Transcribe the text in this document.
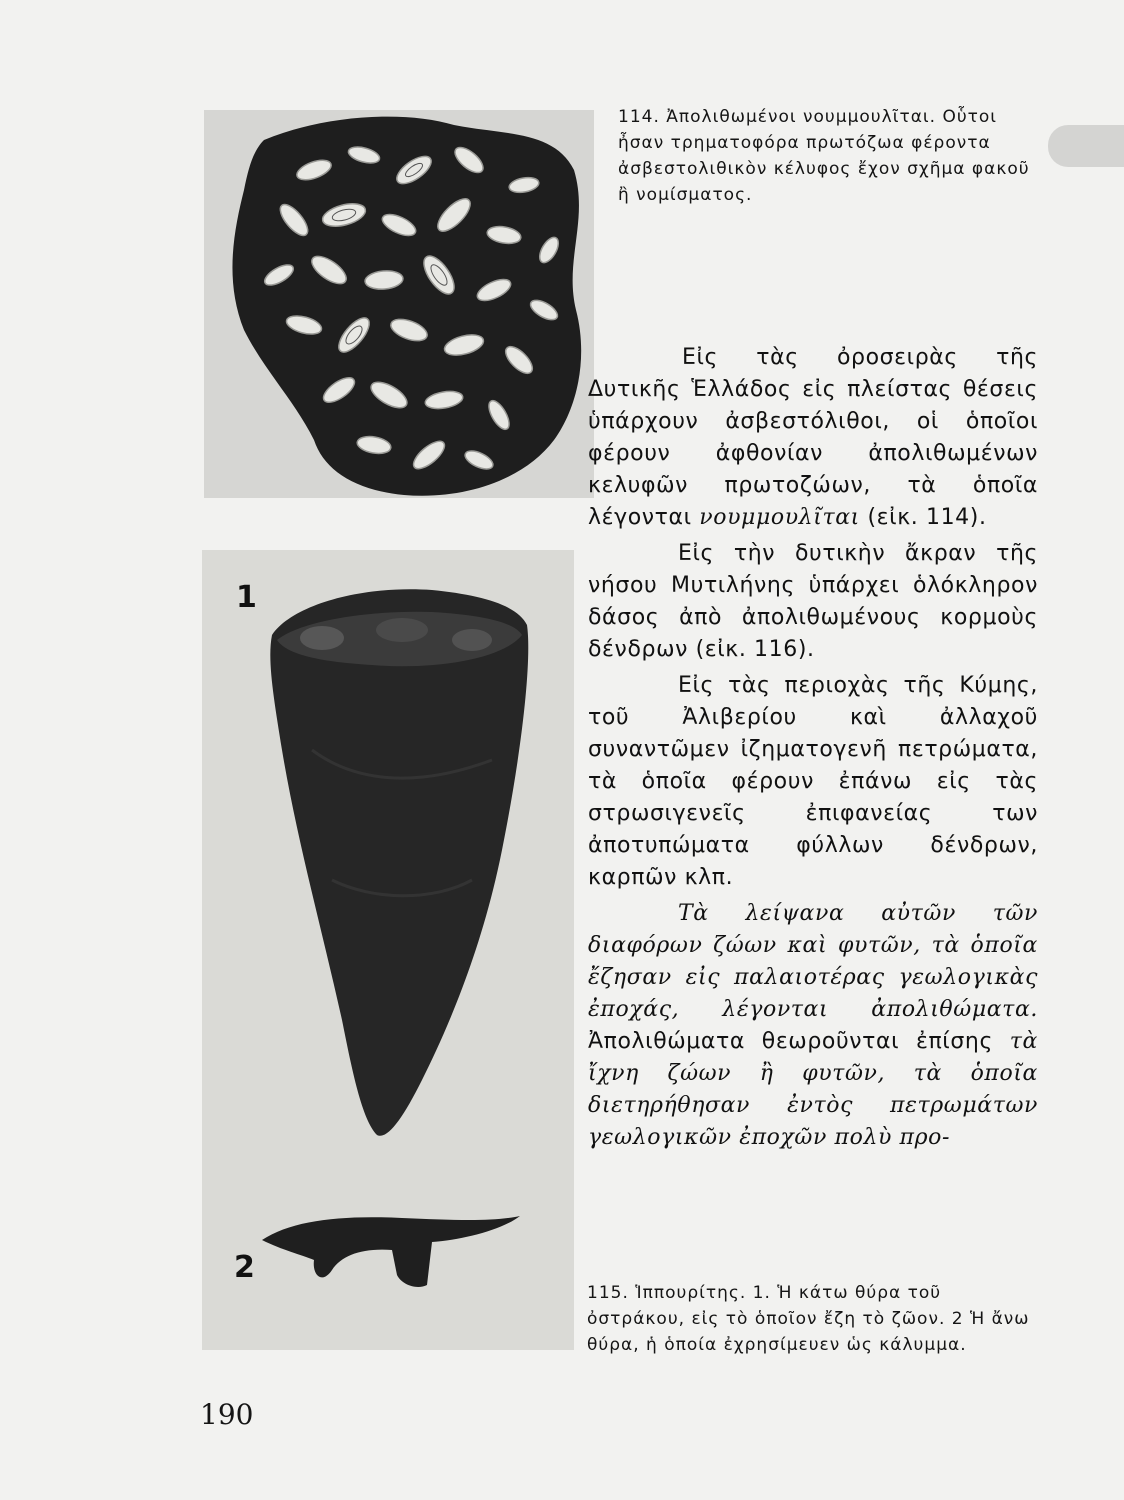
114. Ἀπολιθωμένοι νουμμουλῖται. Οὗτοι ἦσαν τρηματοφόρα πρωτόζωα φέροντα ἀσβεστολιθικὸν κέλυφος ἔχον σχῆμα φακοῦ ἢ νομίσματος.

1
2

Εἰς τὰς ὀροσειρὰς τῆς Δυτικῆς Ἑλλάδος εἰς πλείστας θέσεις ὑπάρχουν ἀσβεστόλιθοι, οἱ ὁποῖοι φέρουν ἀφθονίαν ἀπολιθωμένων κελυφῶν πρωτοζώων, τὰ ὁποῖα λέγονται νουμμουλῖται (εἰκ. 114).

Εἰς τὴν δυτικὴν ἄκραν τῆς νήσου Μυτιλήνης ὑπάρχει ὁλόκληρον δάσος ἀπὸ ἀπολιθωμένους κορμοὺς δένδρων (εἰκ. 116).

Εἰς τὰς περιοχὰς τῆς Κύμης, τοῦ Ἀλιβερίου καὶ ἀλλαχοῦ συναντῶμεν ἰζηματογενῆ πετρώματα, τὰ ὁποῖα φέρουν ἐπάνω εἰς τὰς στρωσιγενεῖς ἐπιφανείας των ἀποτυπώματα φύλλων δένδρων, καρπῶν κλπ.

Τὰ λείψανα αὐτῶν τῶν διαφόρων ζώων καὶ φυτῶν, τὰ ὁποῖα ἔζησαν εἰς παλαιοτέρας γεωλογικὰς ἐποχάς, λέγονται ἀπολιθώματα. Ἀπολιθώματα θεωροῦνται ἐπίσης τὰ ἴχνη ζώων ἢ φυτῶν, τὰ ὁποῖα διετηρήθησαν ἐντὸς πετρωμάτων γεωλογικῶν ἐποχῶν πολὺ προ-

115. Ἱππουρίτης. 1. Ἡ κάτω θύρα τοῦ ὀστράκου, εἰς τὸ ὁποῖον ἔζη τὸ ζῶον. 2 Ἡ ἄνω θύρα, ἡ ὁποία ἐχρησίμευεν ὡς κάλυμμα.

190
